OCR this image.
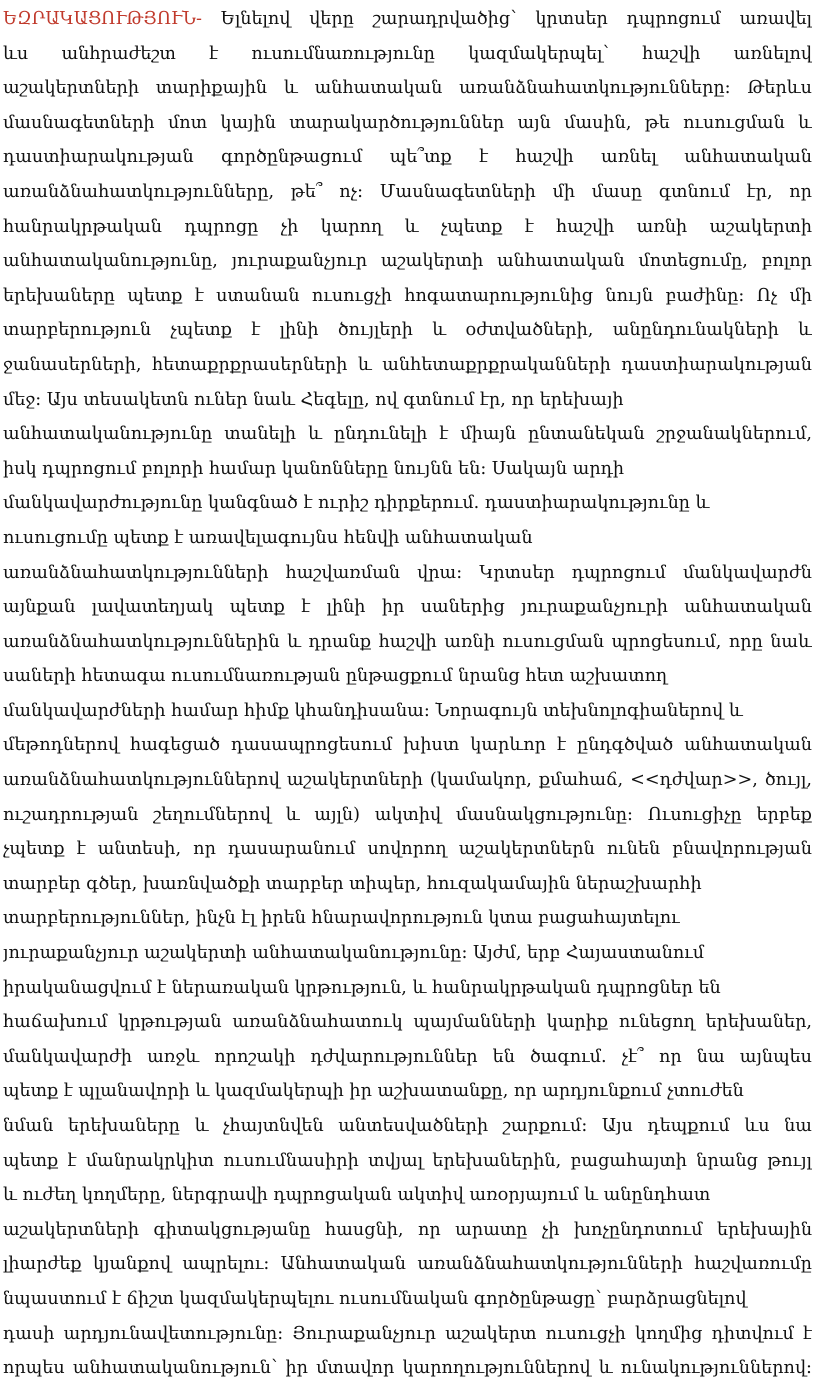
ԵԶՐԱԿԱՑՈՒԹՅՈՒՆ- Ելնելով վերը շարադրվածից՝ կրտսեր դպրոցում առավել
ևս անհրաժեշտ է ուսումնառությունը կազմակերպել՝ հաշվի առնելով
աշակերտների տարիքային և անհատական առանձնահատկությունները: Թերևս
մասնագետների մոտ կային տարակարծություններ այն մասին, թե ուսուցման և
դաստիարակության գործընթացում պե՞տք է հաշվի առնել անհատական
առանձնահատկությունները, թե՞ ոչ: Մասնագետների մի մասը գտնում էր, որ
հանրակրթական դպրոցը չի կարող և չպետք է հաշվի առնի աշակերտի
անհատականությունը, յուրաքանչյուր աշակերտի անհատական մոտեցումը, բոլոր
երեխաները պետք է ստանան ուսուցչի հոգատարությունից նույն բաժինը: Ոչ մի
տարբերություն չպետք է լինի ծույլերի և օժտվածների, անընդունակների և
ջանասերների, հետաքրքրասերների և անհետաքրքրականների դաստիարակության
մեջ: Այս տեսակետն ուներ նաև Հեգելը, ով գտնում էր, որ երեխայի
անհատականությունը տանելի և ընդունելի է միայն ընտանեկան շրջանակներում,
իսկ դպրոցում բոլորի համար կանոնները նույնն են: Սակայն արդի
մանկավարժությունը կանգնած է ուրիշ դիրքերում. դաստիարակությունը և
ուսուցումը պետք է առավելագույնս հենվի անհատական
առանձնահատկությունների հաշվառման վրա: Կրտսեր դպրոցում մանկավարժն
այնքան լավատեղյակ պետք է լինի իր սաներից յուրաքանչյուրի անհատական
առանձնահատկություններին և դրանք հաշվի առնի ուսուցման պրոցեսում, որը նաև
սաների հետագա ուսումնառության ընթացքում նրանց հետ աշխատող
մանկավարժների համար հիմք կհանդիսանա: Նորագույն տեխնոլոգիաներով և
մեթոդներով հագեցած դասապրոցեսում խիստ կարևոր է ընդգծված անհատական
առանձնահատկություններով աշակերտների (կամակոր, քմահաճ, <<դժվար>>, ծույլ,
ուշադրության շեղումներով և այլն) ակտիվ մասնակցությունը: Ուսուցիչը երբեք
չպետք է անտեսի, որ դասարանում սովորող աշակերտներն ունեն բնավորության
տարբեր գծեր, խառնվածքի տարբեր տիպեր, հուզակամային ներաշխարհի
տարբերություններ, ինչն էլ իրեն հնարավորություն կտա բացահայտելու
յուրաքանչյուր աշակերտի անհատականությունը: Այժմ, երբ Հայաստանում
իրականացվում է ներառական կրթություն, և հանրակրթական դպրոցներ են
հաճախում կրթության առանձնահատուկ պայմանների կարիք ունեցող երեխաներ,
մանկավարժի առջև որոշակի դժվարություններ են ծագում. չէ՞ որ նա այնպես
պետք է պլանավորի և կազմակերպի իր աշխատանքը, որ արդյունքում չտուժեն
նման երեխաները և չհայտնվեն անտեսվածների շարքում: Այս դեպքում ևս նա
պետք է մանրակրկիտ ուսումնասիրի տվյալ երեխաներին, բացահայտի նրանց թույլ
և ուժեղ կողմերը, ներգրավի դպրոցական ակտիվ առօրյայում և անընդհատ
աշակերտների գիտակցությանը հասցնի, որ արատը չի խոչընդոտում երեխային
լիարժեք կյանքով ապրելու: Անհատական առանձնահատկությունների հաշվառումը
նպաստում է ճիշտ կազմակերպելու ուսումնական գործընթացը՝ բարձրացնելով
դասի արդյունավետությունը: Յուրաքանչյուր աշակերտ ուսուցչի կողմից դիտվում է
որպես անհատականություն՝ իր մտավոր կարողություններով և ունակություններով:
